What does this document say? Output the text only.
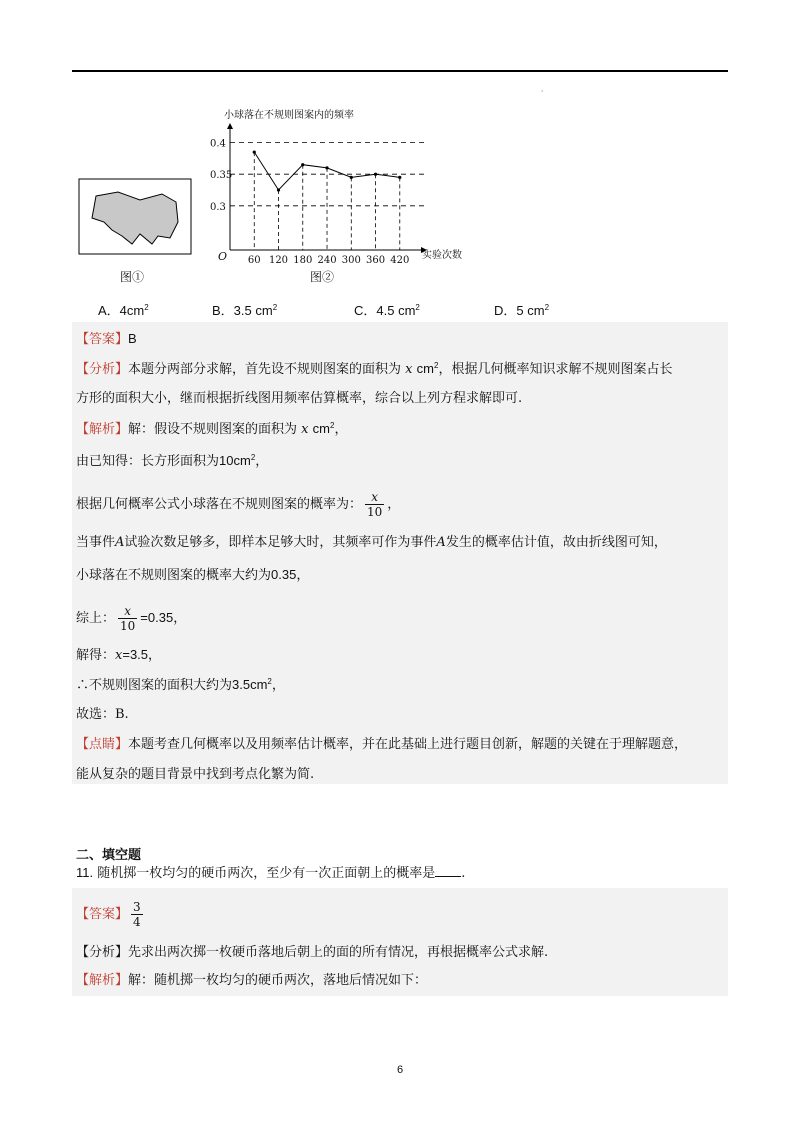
,
图①
小球落在不规则图案内的频率
O
0.3
0.35
0.4
60 120 180 240 300 360 420 实验次数
图②
A．$4cm^2$	B．3.5 $cm^2$	C．4.5 $cm^2$	D．5 $cm^2$
【答案】B
【分析】本题分两部分求解，首先设不规则图案的面积为 x $cm^2$，根据几何概率知识求解不规则图案占长
方形的面积大小，继而根据折线图用频率估算概率，综合以上列方程求解即可.
【解析】解：假设不规则图案的面积为 x $cm^2$，
由已知得：长方形面积为$10cm^2$，
根据几何概率公式小球落在不规则图案的概率为： $\frac{x}{10}$ ，
当事件A试验次数足够多，即样本足够大时，其频率可作为事件A发生的概率估计值，故由折线图可知，
小球落在不规则图案的概率大约为0.35，
综上： $\frac{x}{10} =0.35$，
解得：x=3.5，
∴不规则图案的面积大约为$3.5cm^2$，
故选：B.
【点睛】本题考查几何概率以及用频率估计概率，并在此基础上进行题目创新，解题的关键在于理解题意，
能从复杂的题目背景中找到考点化繁为简.
二、填空题
11. 随机掷一枚均匀的硬币两次，至少有一次正面朝上的概率是 .
【答案】 $\frac{3}{4}$
【分析】先求出两次掷一枚硬币落地后朝上的面的所有情况，再根据概率公式求解.
【解析】解：随机掷一枚均匀的硬币两次，落地后情况如下：
6
